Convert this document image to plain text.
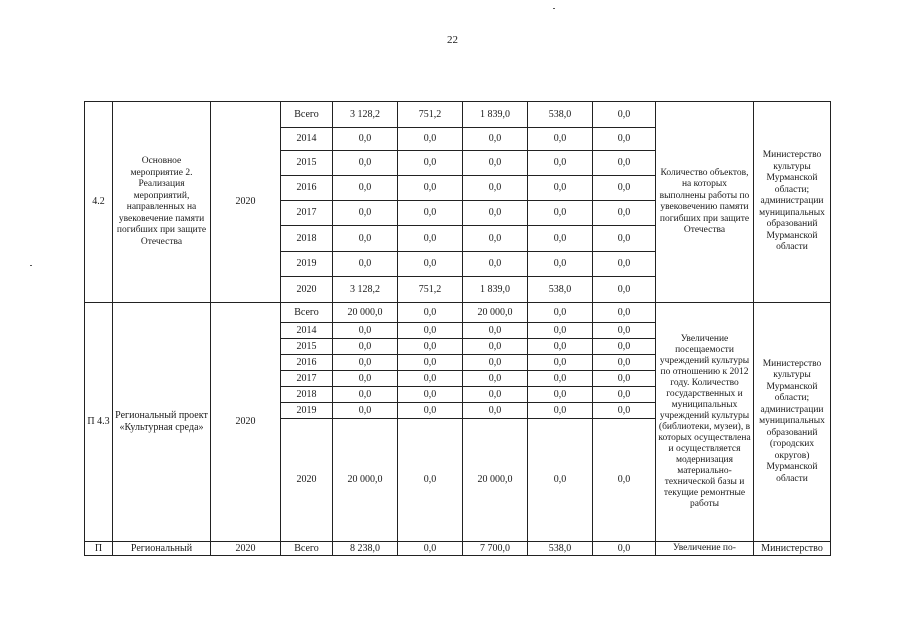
22
4.2	Основное мероприятие 2. Реализация мероприятий, направленных на увековечение памяти погибших при защите Отечества	2020	Всего	3 128,2	751,2	1 839,0	538,0	0,0	Количество объектов, на которых выполнены работы по увековечению памяти погибших при защите Отечества	Министерство культуры Мурманской области; администрации муниципальных образований Мурманской области
			2014	0,0	0,0	0,0	0,0	0,0		
			2015	0,0	0,0	0,0	0,0	0,0		
			2016	0,0	0,0	0,0	0,0	0,0		
			2017	0,0	0,0	0,0	0,0	0,0		
			2018	0,0	0,0	0,0	0,0	0,0		
			2019	0,0	0,0	0,0	0,0	0,0		
			2020	3 128,2	751,2	1 839,0	538,0	0,0		
П 4.3	Региональный проект «Культурная среда»	2020	Всего	20 000,0	0,0	20 000,0	0,0	0,0	Увеличение посещаемости учреждений культуры по отношению к 2012 году. Количество государственных и муниципальных учреждений культуры (библиотеки, музеи), в которых осуществлена и осуществляется модернизация материально-технической базы и текущие ремонтные работы	Министерство культуры Мурманской области; администрации муниципальных образований (городских округов) Мурманской области
			2014	0,0	0,0	0,0	0,0	0,0		
			2015	0,0	0,0	0,0	0,0	0,0		
			2016	0,0	0,0	0,0	0,0	0,0		
			2017	0,0	0,0	0,0	0,0	0,0		
			2018	0,0	0,0	0,0	0,0	0,0		
			2019	0,0	0,0	0,0	0,0	0,0		
			2020	20 000,0	0,0	20 000,0	0,0	0,0		
П	Региональный	2020	Всего	8 238,0	0,0	7 700,0	538,0	0,0	Увеличение по-	Министерство
